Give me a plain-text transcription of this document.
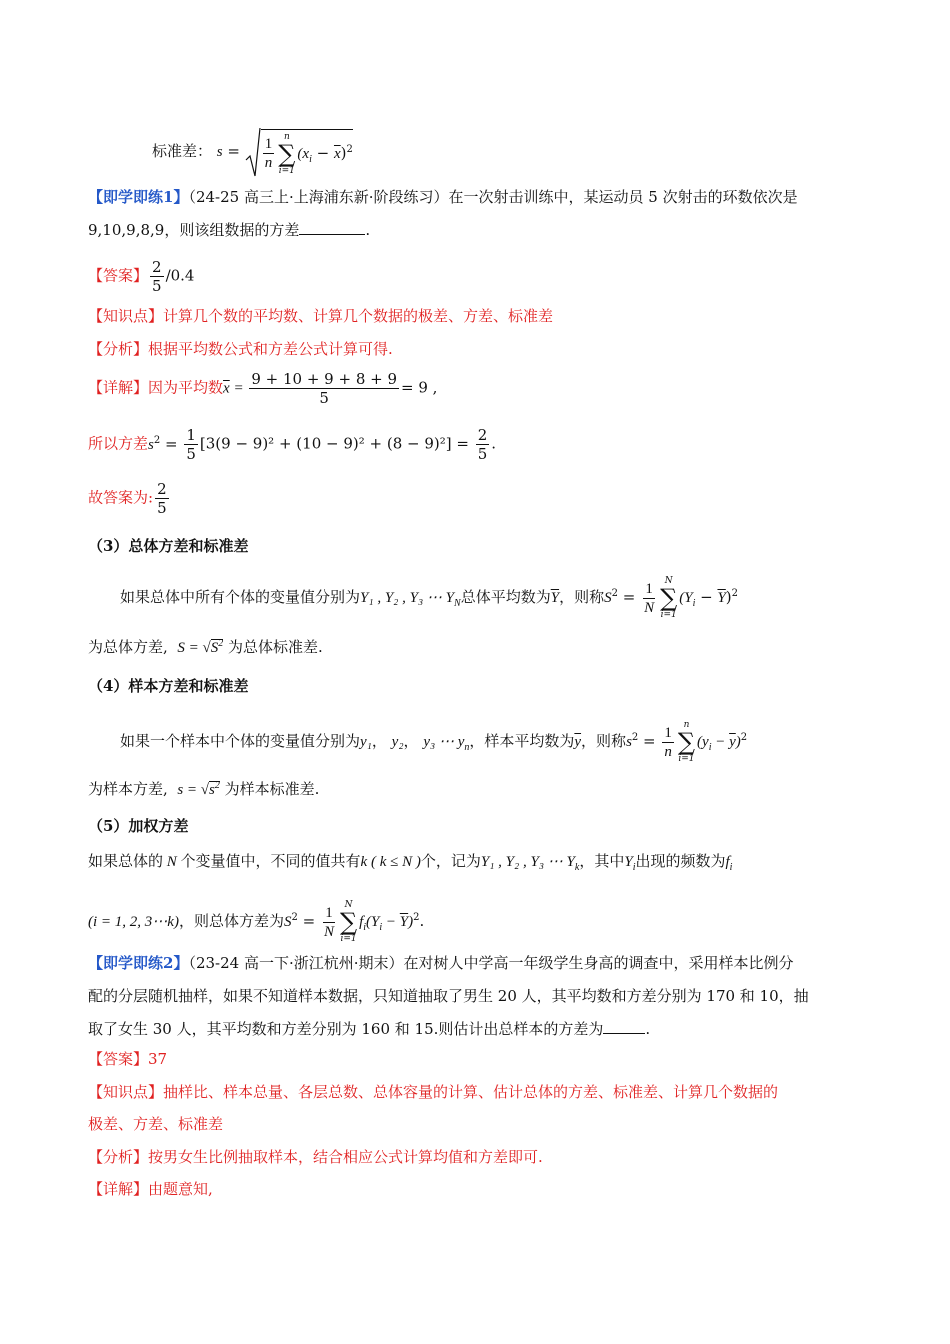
标准差： $s = \frac{1}{n}$ n
∑
i=1
$(x_i - \overline{x})^2$
【即学即练1】（24-25 高三上·上海浦东新·阶段练习）在一次射击训练中，某运动员 5 次射击的环数依次是
9,10,9,8,9，则该组数据的方差	.
【答案】 $\frac{2}{5} /0.4$
【知识点】计算几个数的平均数、计算几个数据的极差、方差、标准差
【分析】根据平均数公式和方差公式计算可得.
【详解】因为平均数$\overline{x} = \frac{9 + 10 + 9 + 8 + 9}{5} = 9$ ,
所以方差$s^2 = \frac{1}{5} [3(9 - 9)^2 + (10 - 9)^2 + (8 - 9)^2] = \frac{2}{5}$ .
故答案为: $\frac{2}{5}$
（3）总体方差和标准差
如果总体中所有个体的变量值分别为Y₁ , Y₂ , Y₃ ⋯ $Y_N$总体平均数为$\overline{Y}$，则称$S^2 = \frac{1}{N}$ N
∑
i=1
$(Y_i - \overline{Y})^2$
为总体方差, $S = √S^2$ 为总体标准差.
（4）样本方差和标准差
如果一个样本中个体的变量值分别为y₁， y₂， y₃ ⋯ $y_n$，样本平均数为$\overline{y}$，则称$s^2 = \frac{1}{n}$ n
∑
i=1
$(y_i - \overline{y})^2$
为样本方差, $s = √s^2$ 为样本标准差.
（5）加权方差
如果总体的 N 个变量值中，不同的值共有k ( k ≤ N )个，记为Y₁ , Y₂ , Y₃ ⋯ $Y_k$，其中$Y_i$出现的频数为$f_i$
(i = 1, 2, 3⋯k)，则总体方差为$S^2 = \frac{1}{N}$ N
∑
i=1
$f_i(Y_i - \overline{Y})^2$.
【即学即练2】（23-24 高一下·浙江杭州·期末）在对树人中学高一年级学生身高的调查中，采用样本比例分
配的分层随机抽样，如果不知道样本数据，只知道抽取了男生 20 人，其平均数和方差分别为 170 和 10，抽
取了女生 30 人，其平均数和方差分别为 160 和 15.则估计出总样本的方差为	.
【答案】37
【知识点】抽样比、样本总量、各层总数、总体容量的计算、估计总体的方差、标准差、计算几个数据的
极差、方差、标准差
【分析】按男女生比例抽取样本，结合相应公式计算均值和方差即可.
【详解】由题意知,
